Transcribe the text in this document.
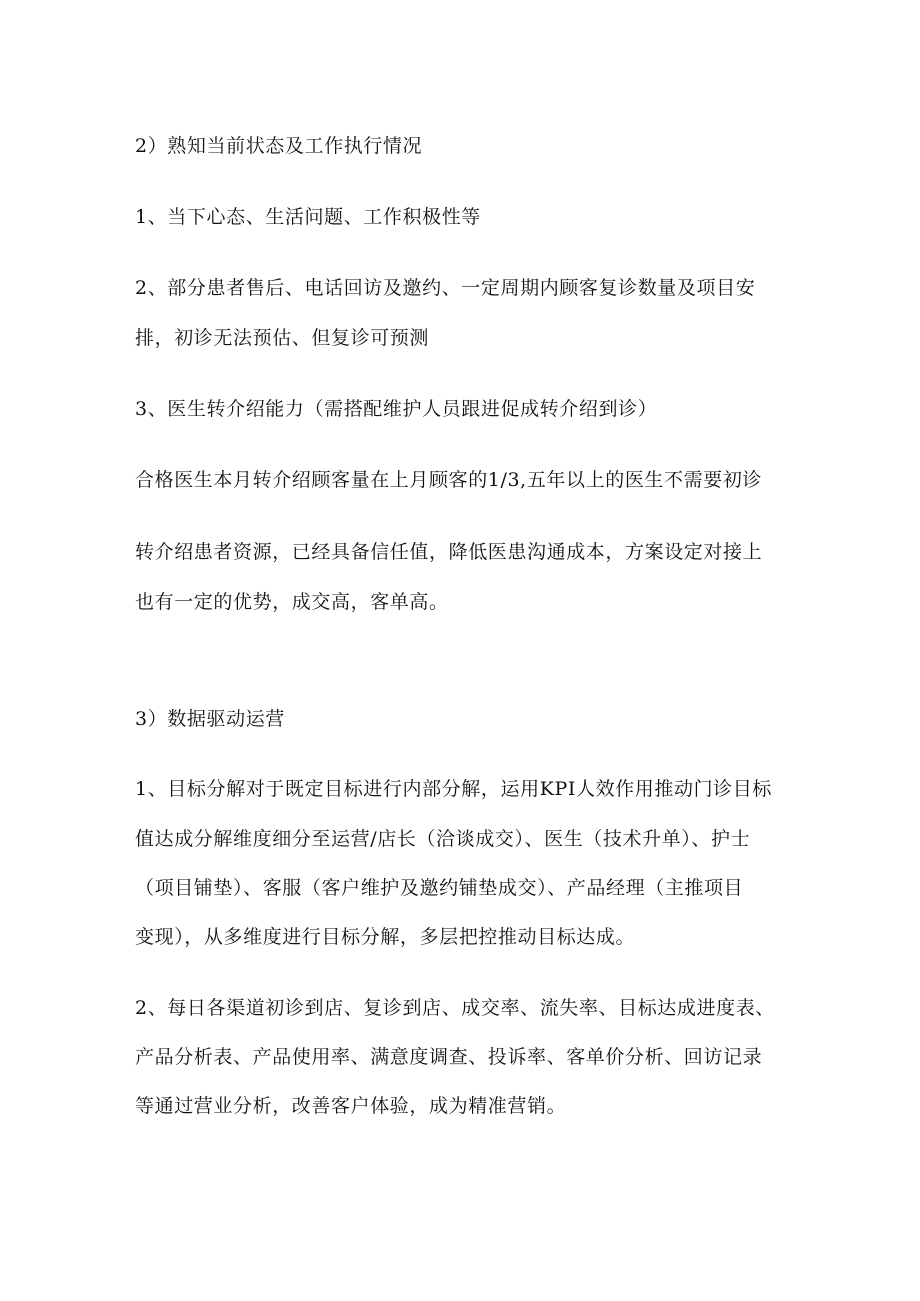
2）熟知当前状态及工作执行情况
1、当下心态、生活问题、工作积极性等
2、部分患者售后、电话回访及邀约、一定周期内顾客复诊数量及项目安
排，初诊无法预估、但复诊可预测
3、医生转介绍能力（需搭配维护人员跟进促成转介绍到诊）
合格医生本月转介绍顾客量在上月顾客的1/3,五年以上的医生不需要初诊
转介绍患者资源，已经具备信任值，降低医患沟通成本，方案设定对接上
也有一定的优势，成交高，客单高。
3）数据驱动运营
1、目标分解对于既定目标进行内部分解，运用KPI人效作用推动门诊目标
值达成分解维度细分至运营/店长（洽谈成交）、医生（技术升单）、护士
（项目铺垫）、客服（客户维护及邀约铺垫成交）、产品经理（主推项目
变现），从多维度进行目标分解，多层把控推动目标达成。
2、每日各渠道初诊到店、复诊到店、成交率、流失率、目标达成进度表、
产品分析表、产品使用率、满意度调查、投诉率、客单价分析、回访记录
等通过营业分析，改善客户体验，成为精准营销。
